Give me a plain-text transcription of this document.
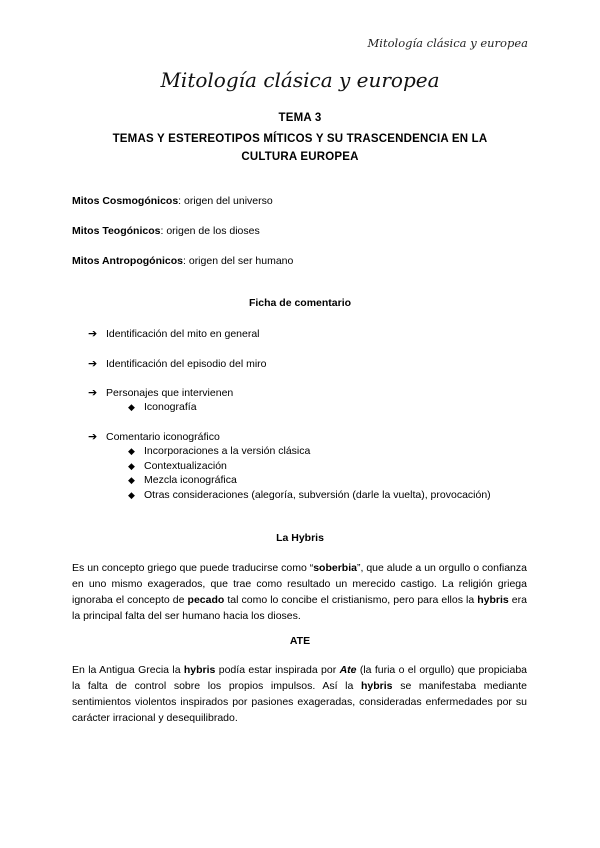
Mitología clásica y europea
Mitología clásica y europea
TEMA 3
TEMAS Y ESTEREOTIPOS MÍTICOS Y SU TRASCENDENCIA EN LA CULTURA EUROPEA
Mitos Cosmogónicos: origen del universo
Mitos Teogónicos: origen de los dioses
Mitos Antropogónicos: origen del ser humano
Ficha de comentario
➔ Identificación del mito en general
➔ Identificación del episodio del miro
➔ Personajes que intervienen
◆ Iconografía
➔ Comentario iconográfico
◆ Incorporaciones a la versión clásica
◆ Contextualización
◆ Mezcla iconográfica
◆ Otras consideraciones (alegoría, subversión (darle la vuelta), provocación)
La Hybris
Es un concepto griego que puede traducirse como “soberbia”, que alude a un orgullo o confianza en uno mismo exagerados, que trae como resultado un merecido castigo. La religión griega ignoraba el concepto de pecado tal como lo concibe el cristianismo, pero para ellos la hybris era la principal falta del ser humano hacia los dioses.
ATE
En la Antigua Grecia la hybris podía estar inspirada por Ate (la furia o el orgullo) que propiciaba la falta de control sobre los propios impulsos. Así la hybris se manifestaba mediante sentimientos violentos inspirados por pasiones exageradas, consideradas enfermedades por su carácter irracional y desequilibrado.
